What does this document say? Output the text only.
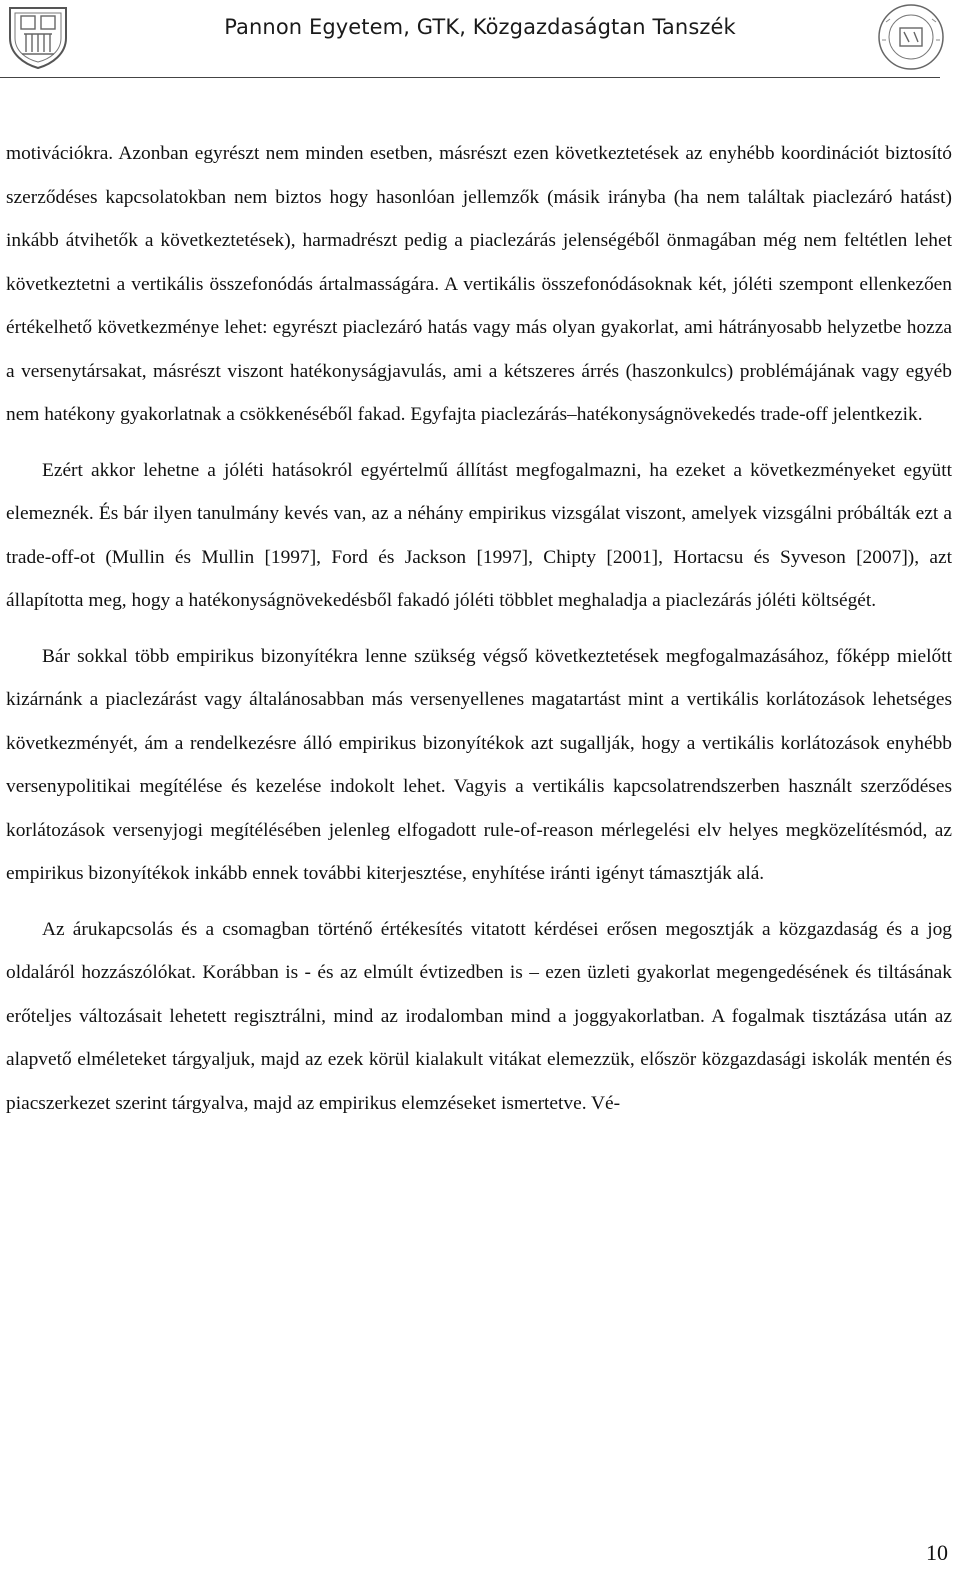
Pannon Egyetem, GTK, Közgazdaságtan Tanszék

motivációkra. Azonban egyrészt nem minden esetben, másrészt ezen következtetések az enyhébb koordinációt biztosító szerződéses kapcsolatokban nem biztos hogy hasonlóan jellemzők (másik irányba (ha nem találtak piaclezáró hatást) inkább átvihetők a következtetések), harmadrészt pedig a piaclezárás jelenségéből önmagában még nem feltétlen lehet következtetni a vertikális összefonódás ártalmasságára. A vertikális összefonódásoknak két, jóléti szempont ellenkezően értékelhető következménye lehet: egyrészt piaclezáró hatás vagy más olyan gyakorlat, ami hátrányosabb helyzetbe hozza a versenytársakat, másrészt viszont hatékonyságjavulás, ami a kétszeres árrés (haszonkulcs) problémájának vagy egyéb nem hatékony gyakorlatnak a csökkenéséből fakad. Egyfajta piaclezárás–hatékonyságnövekedés trade-off jelentkezik.

Ezért akkor lehetne a jóléti hatásokról egyértelmű állítást megfogalmazni, ha ezeket a következményeket együtt elemeznék. És bár ilyen tanulmány kevés van, az a néhány empirikus vizsgálat viszont, amelyek vizsgálni próbálták ezt a trade-off-ot (Mullin és Mullin [1997], Ford és Jackson [1997], Chipty [2001], Hortacsu és Syveson [2007]), azt állapította meg, hogy a hatékonyságnövekedésből fakadó jóléti többlet meghaladja a piaclezárás jóléti költségét.

Bár sokkal több empirikus bizonyítékra lenne szükség végső következtetések megfogalmazásához, főképp mielőtt kizárnánk a piaclezárást vagy általánosabban más versenyellenes magatartást mint a vertikális korlátozások lehetséges következményét, ám a rendelkezésre álló empirikus bizonyítékok azt sugallják, hogy a vertikális korlátozások enyhébb versenypolitikai megítélése és kezelése indokolt lehet. Vagyis a vertikális kapcsolatrendszerben használt szerződéses korlátozások versenyjogi megítélésében jelenleg elfogadott rule-of-reason mérlegelési elv helyes megközelítésmód, az empirikus bizonyítékok inkább ennek további kiterjesztése, enyhítése iránti igényt támasztják alá.

Az árukapcsolás és a csomagban történő értékesítés vitatott kérdései erősen megosztják a közgazdaság és a jog oldaláról hozzászólókat. Korábban is - és az elmúlt évtizedben is – ezen üzleti gyakorlat megengedésének és tiltásának erőteljes változásait lehetett regisztrálni, mind az irodalomban mind a joggyakorlatban. A fogalmak tisztázása után az alapvető elméleteket tárgyaljuk, majd az ezek körül kialakult vitákat elemezzük, először közgazdasági iskolák mentén és piacszerkezet szerint tárgyalva, majd az empirikus elemzéseket ismertetve. Vé-

10
